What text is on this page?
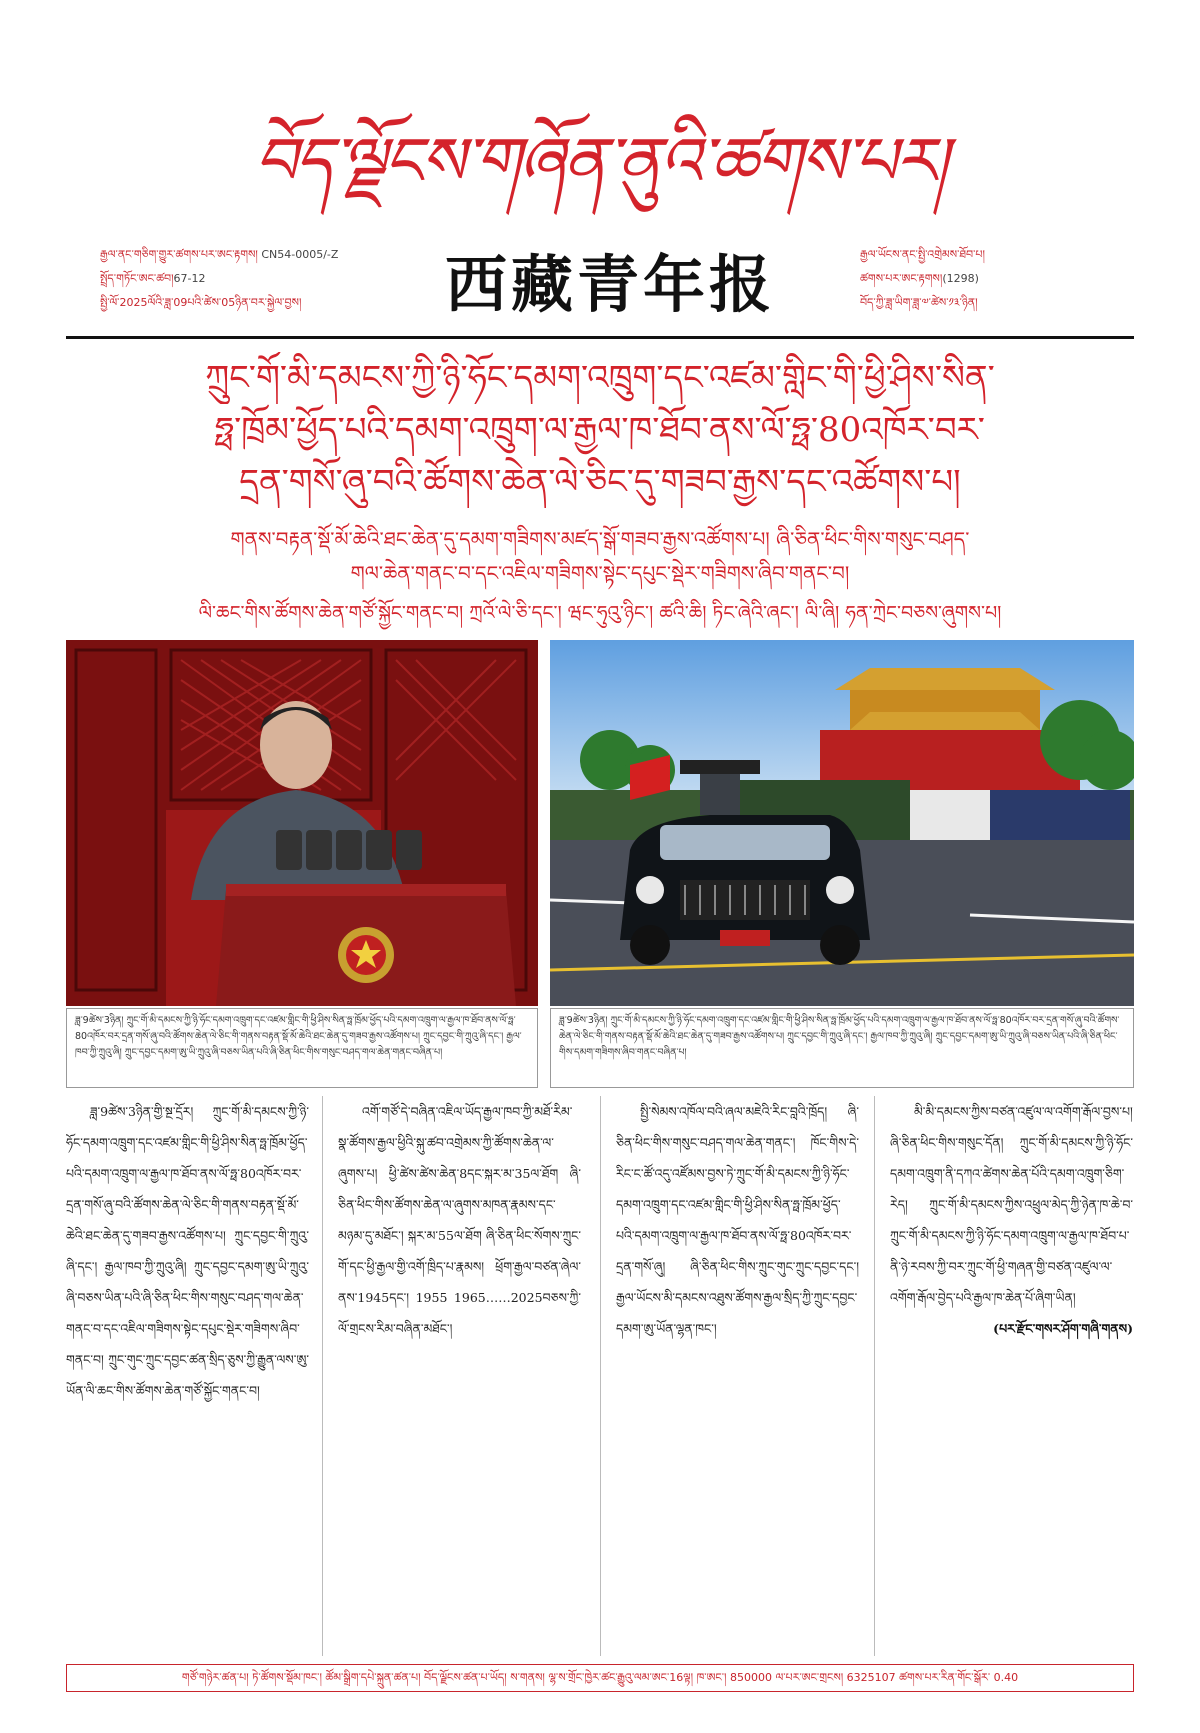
བོད་ལྗོངས་གཞོན་ནུའི་ཚགས་པར།
རྒྱལ་ནང་གཅིག་གྱུར་ཚགས་པར་ཨང་རྟགས། CN54-0005/-Z
སྤྲོད་གཏོང་ཨང་ཚབ།67-12
སྤྱི་ལོ་2025ལོའི་ཟླ་09པའི་ཚེས་05ཉིན་བར་སྐྱེལ་བྱས།	西藏青年报	རྒྱལ་ཡོངས་ནང་སྤྱི་འགྲེམས་ཐོབ་པ།
ཚགས་པར་ཨང་རྟགས།(1298)
བོད་ཀྱི་ཟླ་ཡིག་ཟླ་༧་ཚེས་༡༣་ཉིན།
ཀྲུང་གོ་མི་དམངས་ཀྱི་ཉི་ཧོང་དམག་འཁྲུག་དང་འཛམ་གླིང་གི་ཕྱི་ཤིས་སིན་
ཧྥ་ཁྲོམ་ཕྱོད་པའི་དམག་འཁྲུག་ལ་རྒྱལ་ཁ་ཐོབ་ནས་ལོ་ཧྥ་80འཁོར་བར་
དྲན་གསོ་ཞུ་བའི་ཚོགས་ཆེན་ལེ་ཅིང་དུ་གཟབ་རྒྱས་དང་འཚོགས་པ།
གནས་བརྟན་སྡོ་མོ་ཆེའི་ཐང་ཆེན་དུ་དམག་གཟིགས་མཛད་སྒོ་གཟབ་རྒྱས་འཚོགས་པ། ཞི་ཅིན་ཕིང་གིས་གསུང་བཤད་
གལ་ཆེན་གནང་བ་དང་འཇིལ་གཟིགས་སྟེང་དཔུང་སྡེར་གཟིགས་ཞིབ་གནང་བ།
ལི་ཆང་གིས་ཚོགས་ཆེན་གཙོ་སྐྱོང་གནང་བ། ཀྲའོ་ལེ་ཅི་དང་། ཝང་ཧུའུ་ཉིང་། ཚའི་ཆི། ཏིང་ཞེའི་ཞང་། ལི་ཞི། ཧན་ཀྲེང་བཅས་ཞུགས་པ།
ཟླ་9ཚེས་3ཉིན། ཀྲུང་གོ་མི་དམངས་ཀྱི་ཉི་ཧོང་དམག་འཁྲུག་དང་འཛམ་གླིང་གི་ཕྱི་ཤིས་སིན་ཧྥ་ཁྲོམ་ཕྱོད་པའི་དམག་འཁྲུག་ལ་རྒྱལ་ཁ་ཐོབ་ནས་ལོ་ཧྥ་80འཁོར་བར་དྲན་གསོ་ཞུ་བའི་ཚོགས་ཆེན་ལེ་ཅིང་གི་གནས་བརྟན་སྡོ་མོ་ཆེའི་ཐང་ཆེན་དུ་གཟབ་རྒྱས་འཚོགས་པ། ཀྲུང་དབྱང་གི་ཀྲུའུ་ཞི་དང་། རྒྱལ་ཁབ་ཀྱི་ཀྲུའུ་ཞི། ཀྲུང་དབྱང་དམག་ཨུ་ཡི་ཀྲུའུ་ཞི་བཅས་ཡིན་པའི་ཞི་ཅིན་ཕིང་གིས་གསུང་བཤད་གལ་ཆེན་གནང་བཞིན་པ།
ཟླ་9ཚེས་3ཉིན། ཀྲུང་གོ་མི་དམངས་ཀྱི་ཉི་ཧོང་དམག་འཁྲུག་དང་འཛམ་གླིང་གི་ཕྱི་ཤིས་སིན་ཧྥ་ཁྲོམ་ཕྱོད་པའི་དམག་འཁྲུག་ལ་རྒྱལ་ཁ་ཐོབ་ནས་ལོ་ཧྥ་80འཁོར་བར་དྲན་གསོ་ཞུ་བའི་ཚོགས་ཆེན་ལེ་ཅིང་གི་གནས་བརྟན་སྡོ་མོ་ཆེའི་ཐང་ཆེན་དུ་གཟབ་རྒྱས་འཚོགས་པ། ཀྲུང་དབྱང་གི་ཀྲུའུ་ཞི་དང་། རྒྱལ་ཁབ་ཀྱི་ཀྲུའུ་ཞི། ཀྲུང་དབྱང་དམག་ཨུ་ཡི་ཀྲུའུ་ཞི་བཅས་ཡིན་པའི་ཞི་ཅིན་ཕིང་གིས་དམག་གཟིགས་ཞིབ་གནང་བཞིན་པ།

ཟླ་9ཚེས་3ཉིན་གྱི་སྔ་དྲོར། ཀྲུང་གོ་མི་དམངས་ཀྱི་ཉི་ཧོང་དམག་འཁྲུག་དང་འཛམ་གླིང་གི་ཕྱི་ཤིས་སིན་ཧྥ་ཁྲོམ་ཕྱོད་པའི་དམག་འཁྲུག་ལ་རྒྱལ་ཁ་ཐོབ་ནས་ལོ་ཧྥ་80འཁོར་བར་དྲན་གསོ་ཞུ་བའི་ཚོགས་ཆེན་ལེ་ཅིང་གི་གནས་བརྟན་སྡོ་མོ་ཆེའི་ཐང་ཆེན་དུ་གཟབ་རྒྱས་འཚོགས་པ། ཀྲུང་དབྱང་གི་ཀྲུའུ་ཞི་དང་། རྒྱལ་ཁབ་ཀྱི་ཀྲུའུ་ཞི། ཀྲུང་དབྱང་དམག་ཨུ་ཡི་ཀྲུའུ་ཞི་བཅས་ཡིན་པའི་ཞི་ཅིན་ཕིང་གིས་གསུང་བཤད་གལ་ཆེན་གནང་བ་དང་འཇིལ་གཟིགས་སྟེང་དཔུང་སྡེར་གཟིགས་ཞིབ་གནང་བ། ཀྲུང་གུང་ཀྲུང་དབྱང་ཚན་སྲིད་ཅུས་ཀྱི་རྒྱུན་ལས་ཨུ་ཡོན་ལི་ཆང་གིས་ཚོགས་ཆེན་གཙོ་སྐྱོང་གནང་བ།

འགོ་གཙོ་དེ་བཞིན་འཇིལ་ཡོད་རྒྱལ་ཁབ་ཀྱི་མཐོ་རིམ་སྣ་ཚོགས་རྒྱལ་ཕྱིའི་སྐུ་ཚབ་འགྲེམས་ཀྱི་ཚོགས་ཆེན་ལ་ཞུགས་པ། ཕྱི་ཚེས་ཚེས་ཆེན་8དང་སྐར་མ་35ལ་ཐོག ཞི་ཅིན་ཕིང་གིས་ཚོགས་ཆེན་ལ་ཞུགས་མཁན་རྣམས་དང་མཉམ་དུ་མཐོང་། སྐར་མ་55ལ་ཐོག ཞི་ཅིན་ཕིང་སོགས་ཀྲུང་གོ་དང་ཕྱི་རྒྱལ་གྱི་འགོ་ཁྲིད་པ་རྣམས། ཕྲོག་རྒྱལ་བཙན་ཞེལ་ནས་1945དང་། 1955 1965……2025བཅས་ཀྱི་ལོ་གྲངས་རིམ་བཞིན་མཐོང་།

སྤྱི་སེམས་འཁོལ་བའི་ཞལ་མཇེའི་རིང་བླའི་ཁྲོད། ཞི་ཅིན་ཕིང་གིས་གསུང་བཤད་གལ་ཆེན་གནང་། ཁོང་གིས་དེ་རིང་ང་ཚོ་འདུ་འཛོམས་བྱས་ཏེ་ཀྲུང་གོ་མི་དམངས་ཀྱི་ཉི་ཧོང་དམག་འཁྲུག་དང་འཛམ་གླིང་གི་ཕྱི་ཤིས་སིན་ཧྥ་ཁྲོམ་ཕྱོད་པའི་དམག་འཁྲུག་ལ་རྒྱལ་ཁ་ཐོབ་ནས་ལོ་ཧྥ་80འཁོར་བར་དྲན་གསོ་ཞུ། ཞི་ཅིན་ཕིང་གིས་ཀྲུང་གུང་ཀྲུང་དབྱང་དང་། རྒྱལ་ཡོངས་མི་དམངས་འཐུས་ཚོགས་རྒྱལ་སྲིད་ཀྱི་ཀྲུང་དབྱང་དམག་ཨུ་ཡོན་ལྷན་ཁང་།

མི་མི་དམངས་ཀྱིས་བཙན་འཛུལ་ལ་འགོག་རྒོལ་བྱས་པ། ཞི་ཅིན་ཕིང་གིས་གསུང་དོན། ཀྲུང་གོ་མི་དམངས་ཀྱི་ཉི་ཧོང་དམག་འཁྲུག་ནི་དཀའ་ཚེགས་ཆེན་པོའི་དམག་འཁྲུག་ཅིག་རེད། ཀྲུང་གོ་མི་དམངས་ཀྱིས་འཕྲུལ་མེད་ཀྱི་ཉེན་ཁ་ཆེ་བ་ཀྲུང་གོ་མི་དམངས་ཀྱི་ཉི་ཧོང་དམག་འཁྲུག་ལ་རྒྱལ་ཁ་ཐོབ་པ་ནི་ཉེ་རབས་ཀྱི་བར་ཀྲུང་གོ་ཕྱི་གཞན་གྱི་བཙན་འཛུལ་ལ་འགོག་རྒོལ་བྱེད་པའི་རྒྱལ་ཁ་ཆེན་པོ་ཞིག་ཡིན།

(པར་རྫོང་གསར་ཤོག་གཞི་གནས)
གཙོ་གཉེར་ཚན་པ། ཏེ་ཚོགས་སྡོམ་ཁང་། ཚོམ་སྒྲིག་དཔེ་སྐྲུན་ཚན་པ། བོད་ལྗོངས་ཚན་པ་ཡོད། ས་གནས། ལྷ་ས་གྲོང་ཁྱེར་ཚང་རྒྱུའུ་ལམ་ཨང་16ལྟ། ཁ་ཨང་། 850000 ལ་པར་ཨང་གྲངས། 6325107 ཚགས་པར་རིན་གོང་སྒོར་ 0.40
